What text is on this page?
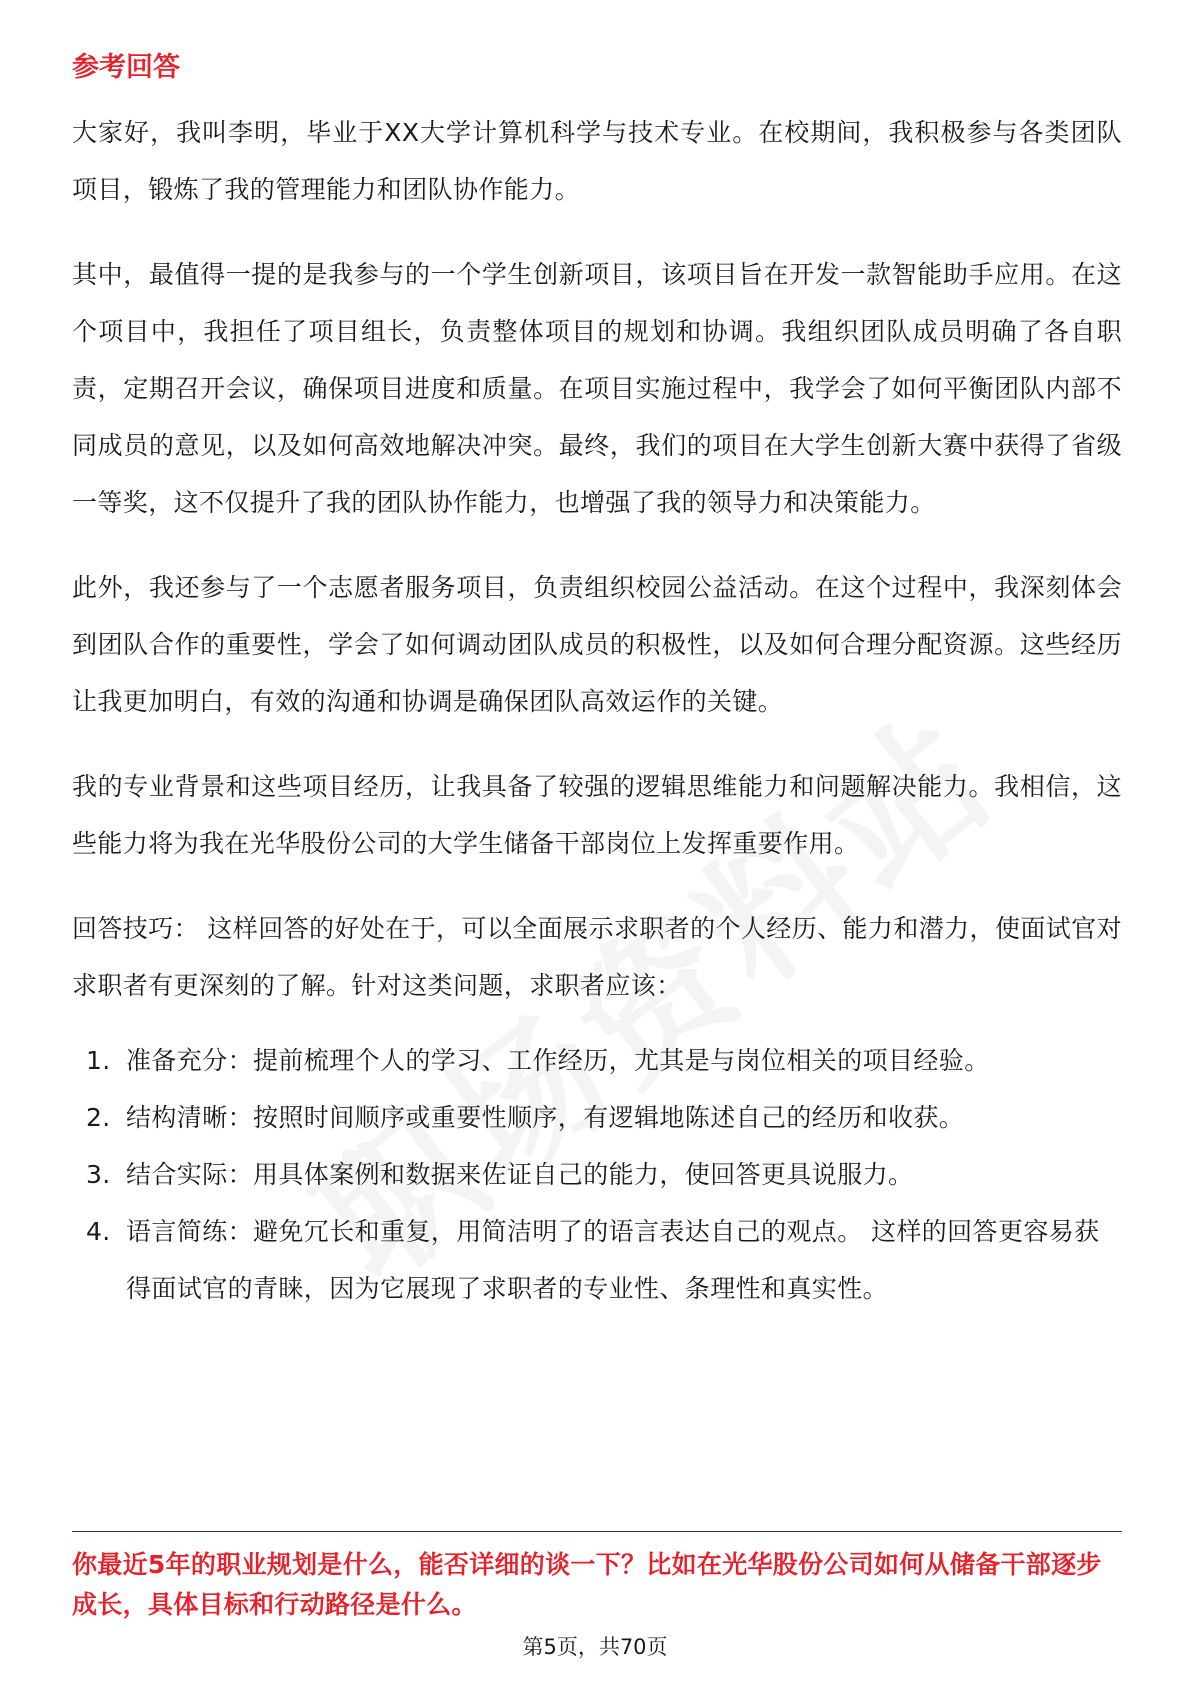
参考回答

大家好，我叫李明，毕业于XX大学计算机科学与技术专业。在校期间，我积极参与各类团队项目，锻炼了我的管理能力和团队协作能力。

其中，最值得一提的是我参与的一个学生创新项目，该项目旨在开发一款智能助手应用。在这个项目中，我担任了项目组长，负责整体项目的规划和协调。我组织团队成员明确了各自职责，定期召开会议，确保项目进度和质量。在项目实施过程中，我学会了如何平衡团队内部不同成员的意见，以及如何高效地解决冲突。最终，我们的项目在大学生创新大赛中获得了省级一等奖，这不仅提升了我的团队协作能力，也增强了我的领导力和决策能力。

此外，我还参与了一个志愿者服务项目，负责组织校园公益活动。在这个过程中，我深刻体会到团队合作的重要性，学会了如何调动团队成员的积极性，以及如何合理分配资源。这些经历让我更加明白，有效的沟通和协调是确保团队高效运作的关键。

我的专业背景和这些项目经历，让我具备了较强的逻辑思维能力和问题解决能力。我相信，这些能力将为我在光华股份公司的大学生储备干部岗位上发挥重要作用。

回答技巧： 这样回答的好处在于，可以全面展示求职者的个人经历、能力和潜力，使面试官对求职者有更深刻的了解。针对这类问题，求职者应该：

1. 准备充分：提前梳理个人的学习、工作经历，尤其是与岗位相关的项目经验。
2. 结构清晰：按照时间顺序或重要性顺序，有逻辑地陈述自己的经历和收获。
3. 结合实际：用具体案例和数据来佐证自己的能力，使回答更具说服力。
4. 语言简练：避免冗长和重复，用简洁明了的语言表达自己的观点。 这样的回答更容易获得面试官的青睐，因为它展现了求职者的专业性、条理性和真实性。
你最近5年的职业规划是什么，能否详细的谈一下？比如在光华股份公司如何从储备干部逐步成长，具体目标和行动路径是什么。
第5页，共70页
